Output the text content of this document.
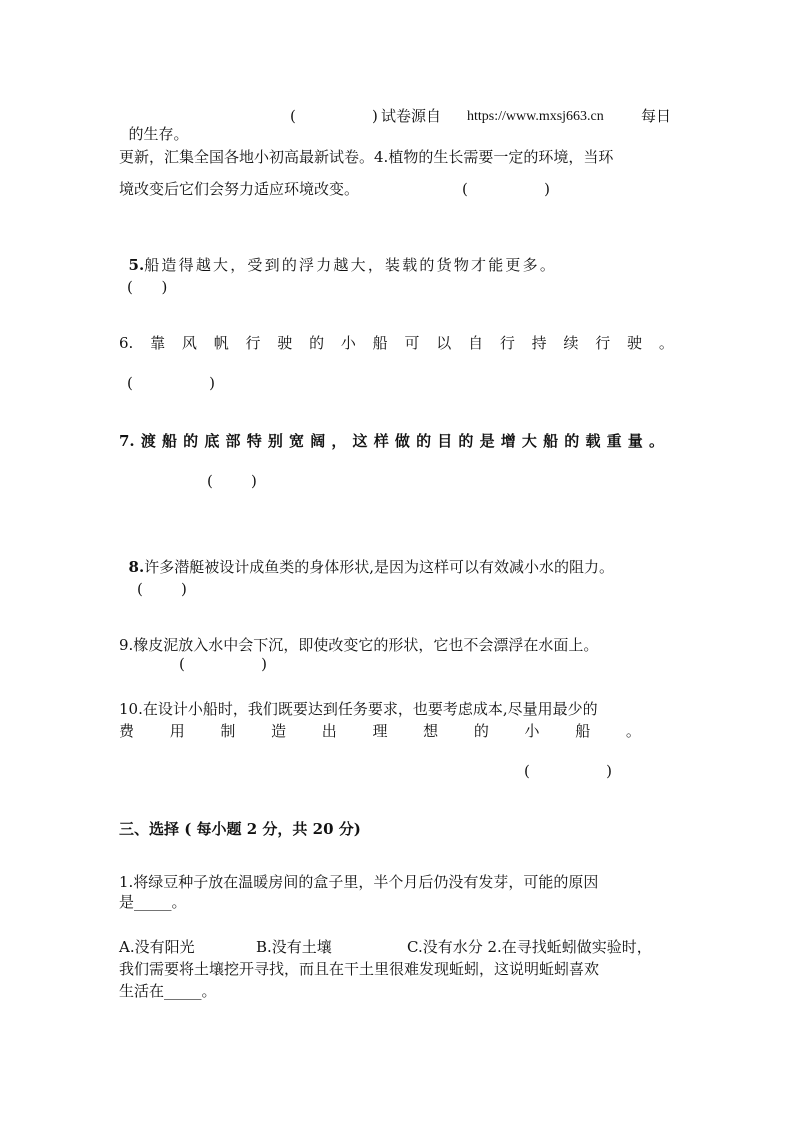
的生存。

(	) 试卷源自 https://www.mxsj663.cn 每日
更新，汇集全国各地小初高最新试卷。4.植物的生长需要一定的环境，当环
境改变后它们会努力适应环境改变。	(                )

5.船造得越大，受到的浮力越大，装载的货物才能更多。

(      )
6. 靠 风 帆 行 驶 的 小 船 可 以 自 行 持 续 行 驶 。
(                )
7. 渡 船 的 底 部 特 别 宽 阔 ， 这 样 做 的 目 的 是 增 大 船 的 载 重 量 。
(        )

8.许多潜艇被设计成鱼类的身体形状,是因为这样可以有效减小水的阻力。

(        )
9.橡皮泥放入水中会下沉，即使改变它的形状，它也不会漂浮在水面上。
(                )
10.在设计小船时，我们既要达到任务要求，也要考虑成本,尽量用最少的
费 用 制 造 出 理 想 的 小 船 。
(                )
三、选择 ( 每小题 2 分，共 20 分)
1.将绿豆种子放在温暖房间的盒子里，半个月后仍没有发芽，可能的原因
是_____。
A.没有阳光	B.没有土壤	C.没有水分 2.在寻找蚯蚓做实验时，
我们需要将土壤挖开寻找，而且在干土里很难发现蚯蚓，这说明蚯蚓喜欢
生活在_____。
